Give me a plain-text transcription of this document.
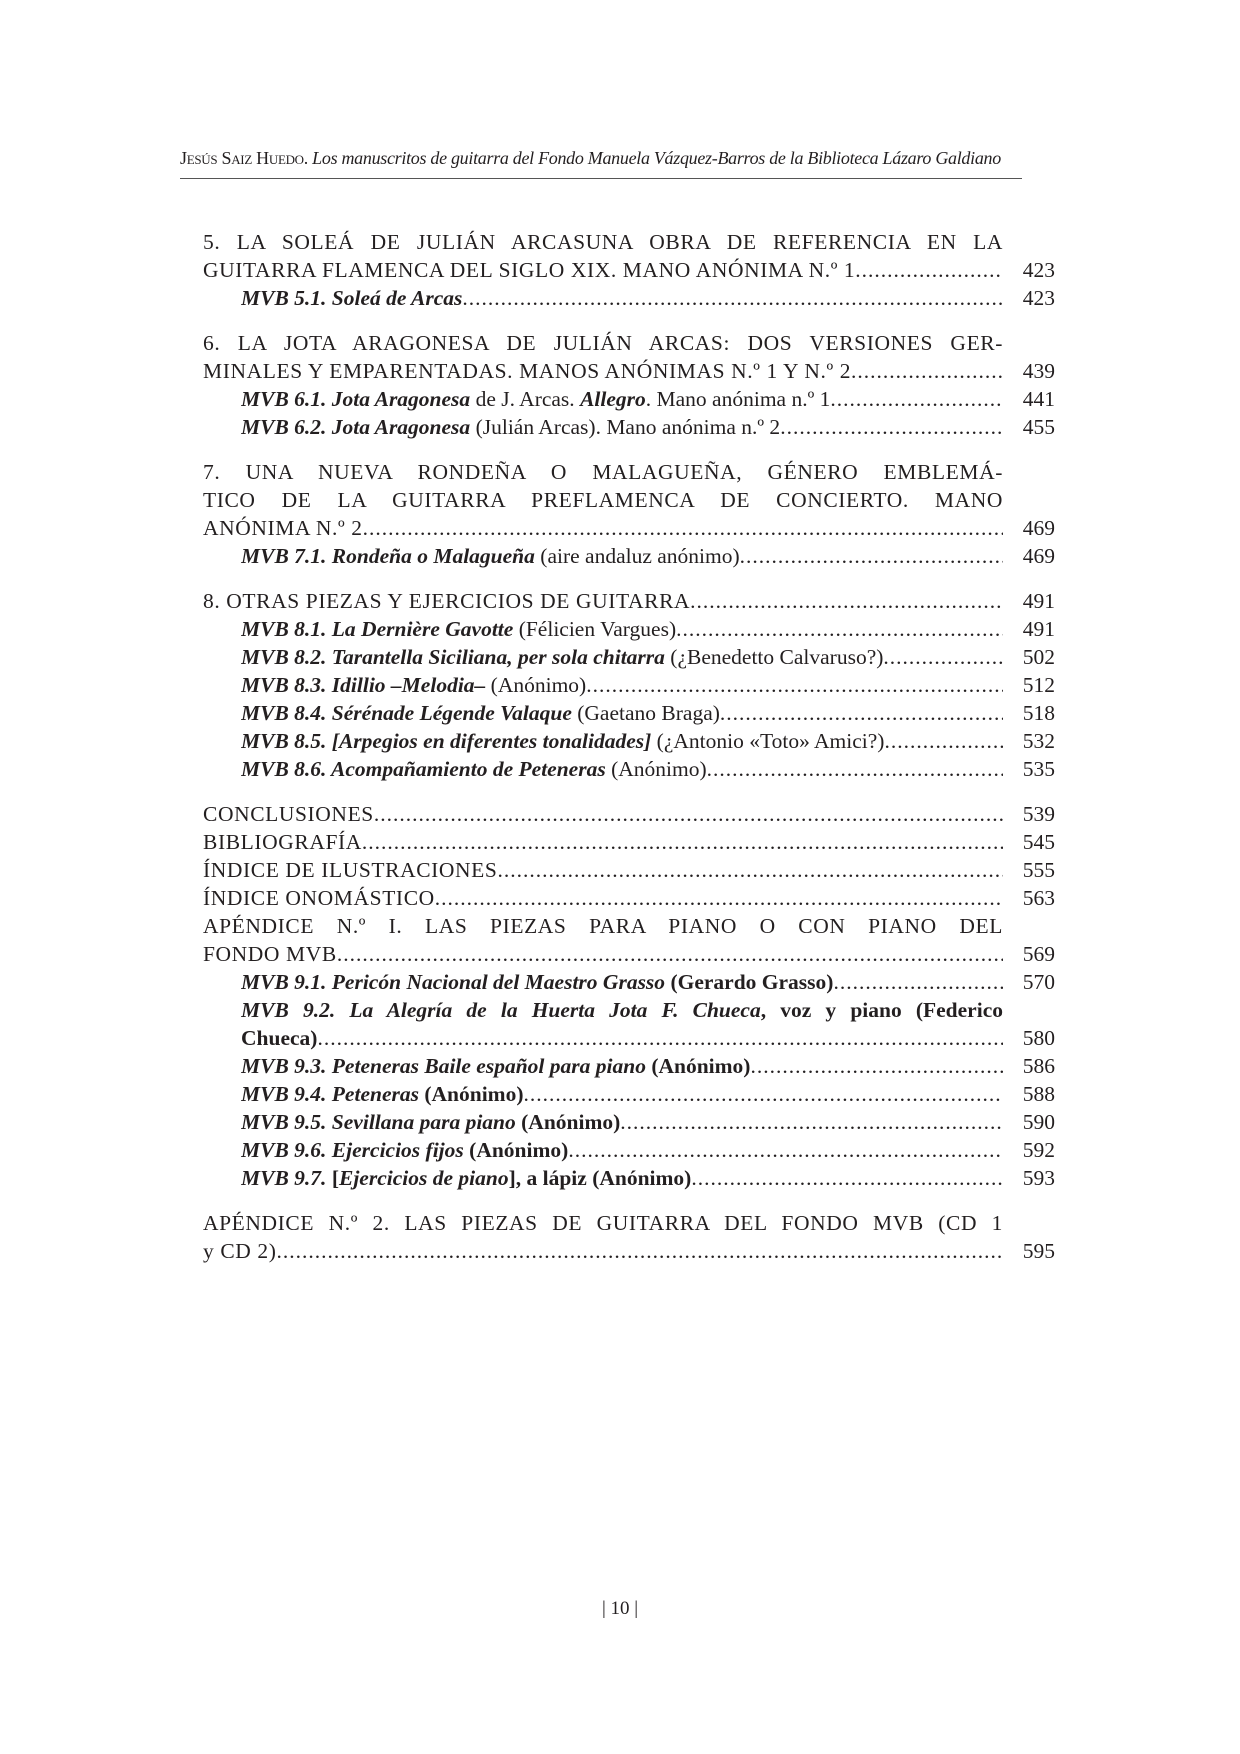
Jesús Saiz Huedo. Los manuscritos de guitarra del Fondo Manuela Vázquez-Barros de la Biblioteca Lázaro Galdiano
5. LA SOLEÁ DE JULIÁN ARCASUNA OBRA DE REFERENCIA EN LA
GUITARRA FLAMENCA DEL SIGLO XIX. MANO ANÓNIMA N.º 1 .....	423
MVB 5.1. Soleá de Arcas .....	423
6. LA JOTA ARAGONESA DE JULIÁN ARCAS: DOS VERSIONES GER-
MINALES Y EMPARENTADAS. MANOS ANÓNIMAS N.º 1 Y N.º 2 .....	439
MVB 6.1. Jota Aragonesa de J. Arcas. Allegro. Mano anónima n.º 1 .....	441
MVB 6.2. Jota Aragonesa (Julián Arcas). Mano anónima n.º 2 .....	455
7. UNA NUEVA RONDEÑA O MALAGUEÑA, GÉNERO EMBLEMÁ-
TICO DE LA GUITARRA PREFLAMENCA DE CONCIERTO. MANO
ANÓNIMA N.º 2 .....	469
MVB 7.1. Rondeña o Malagueña (aire andaluz anónimo) .....	469
8. OTRAS PIEZAS Y EJERCICIOS DE GUITARRA .....	491
MVB 8.1. La Dernière Gavotte (Félicien Vargues) .....	491
MVB 8.2. Tarantella Siciliana, per sola chitarra (¿Benedetto Calvaruso?) .....	502
MVB 8.3. Idillio –Melodia– (Anónimo) .....	512
MVB 8.4. Sérénade Légende Valaque (Gaetano Braga) .....	518
MVB 8.5. [Arpegios en diferentes tonalidades] (¿Antonio «Toto» Amici?) .....	532
MVB 8.6. Acompañamiento de Peteneras (Anónimo) .....	535
CONCLUSIONES .....	539
BIBLIOGRAFÍA .....	545
ÍNDICE DE ILUSTRACIONES .....	555
ÍNDICE ONOMÁSTICO .....	563
APÉNDICE N.º I. LAS PIEZAS PARA PIANO O CON PIANO DEL
FONDO MVB .....	569
MVB 9.1. Pericón Nacional del Maestro Grasso (Gerardo Grasso) .....	570
MVB 9.2. La Alegría de la Huerta Jota F. Chueca, voz y piano (Federico
Chueca) .....	580
MVB 9.3. Peteneras Baile español para piano (Anónimo) .....	586
MVB 9.4. Peteneras (Anónimo) .....	588
MVB 9.5. Sevillana para piano (Anónimo) .....	590
MVB 9.6. Ejercicios fijos (Anónimo) .....	592
MVB 9.7. [Ejercicios de piano], a lápiz (Anónimo) .....	593
APÉNDICE N.º 2. LAS PIEZAS DE GUITARRA DEL FONDO MVB (CD 1
y CD 2) .....	595
| 10 |
